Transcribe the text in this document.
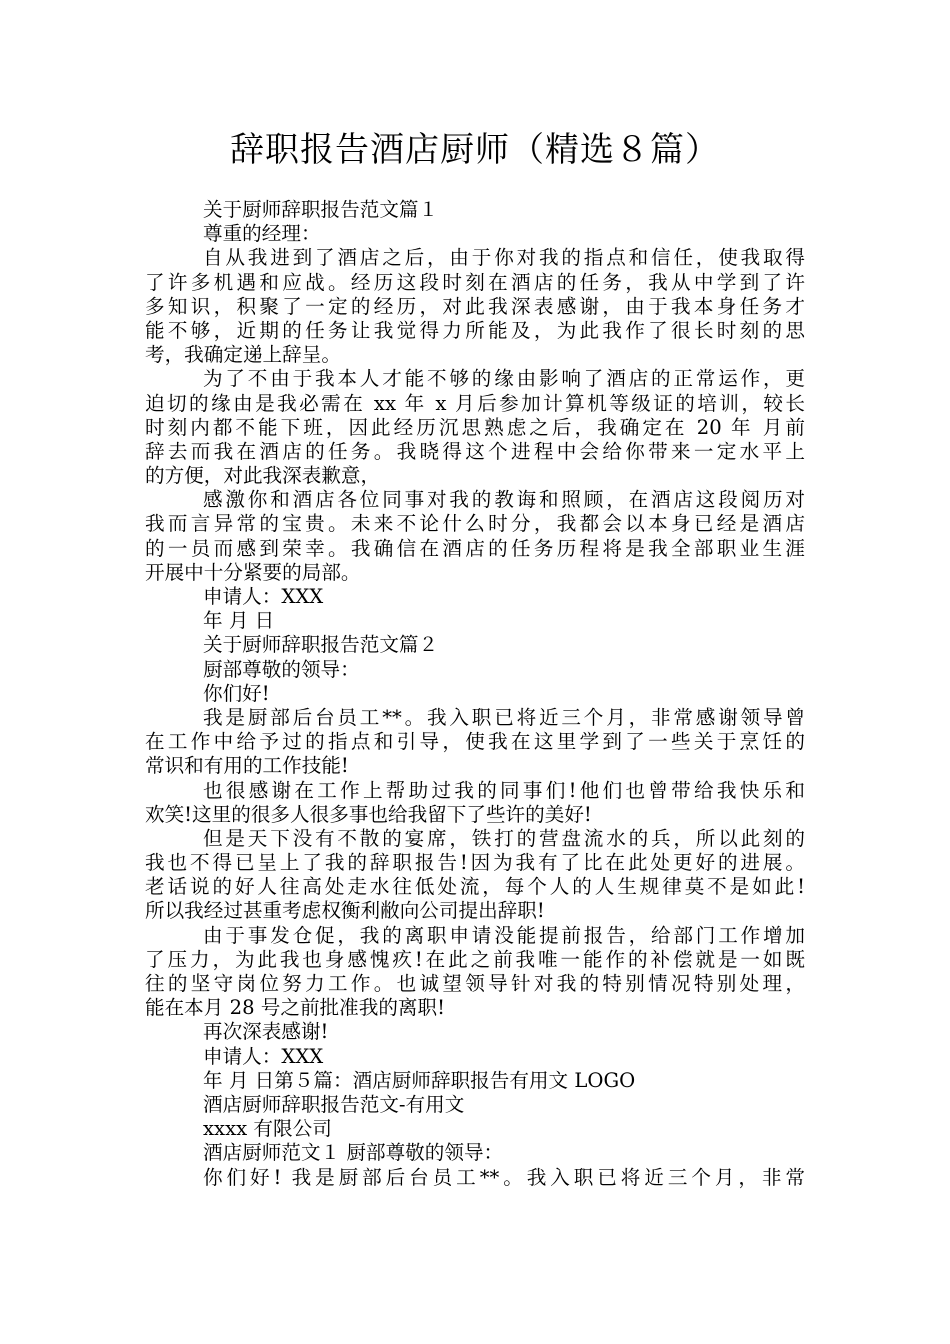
辞职报告酒店厨师（精选８篇）
关于厨师辞职报告范文篇１
尊重的经理：
自从我进到了酒店之后，由于你对我的指点和信任，使我取得
了许多机遇和应战。经历这段时刻在酒店的任务，我从中学到了许
多知识，积聚了一定的经历，对此我深表感谢，由于我本身任务才
能不够，近期的任务让我觉得力所能及，为此我作了很长时刻的思
考，我确定递上辞呈。
为了不由于我本人才能不够的缘由影响了酒店的正常运作，更
迫切的缘由是我必需在 xx 年 x 月后参加计算机等级证的培训，较长
时刻内都不能下班，因此经历沉思熟虑之后，我确定在 20 年 月前
辞去而我在酒店的任务。我晓得这个进程中会给你带来一定水平上
的方便，对此我深表歉意，
感激你和酒店各位同事对我的教诲和照顾，在酒店这段阅历对
我而言异常的宝贵。未来不论什么时分，我都会以本身已经是酒店
的一员而感到荣幸。我确信在酒店的任务历程将是我全部职业生涯
开展中十分紧要的局部。
申请人：XXX
年 月 日
关于厨师辞职报告范文篇２
厨部尊敬的领导：
你们好!
我是厨部后台员工**。我入职已将近三个月，非常感谢领导曾
在工作中给予过的指点和引导，使我在这里学到了一些关于烹饪的
常识和有用的工作技能!
也很感谢在工作上帮助过我的同事们!他们也曾带给我快乐和
欢笑!这里的很多人很多事也给我留下了些许的美好!
但是天下没有不散的宴席，铁打的营盘流水的兵，所以此刻的
我也不得已呈上了我的辞职报告!因为我有了比在此处更好的进展。
老话说的好人往高处走水往低处流，每个人的人生规律莫不是如此!
所以我经过甚重考虑权衡利敝向公司提出辞职!
由于事发仓促，我的离职申请没能提前报告，给部门工作增加
了压力，为此我也身感愧疚!在此之前我唯一能作的补偿就是一如既
往的坚守岗位努力工作。也诚望领导针对我的特别情况特别处理，
能在本月 28 号之前批准我的离职!
再次深表感谢!
申请人：XXX
年 月 日第５篇：酒店厨师辞职报告有用文 LOGO
酒店厨师辞职报告范文-有用文
xxxx 有限公司
酒店厨师范文１ 厨部尊敬的领导：
你们好! 我是厨部后台员工**。我入职已将近三个月，非常
